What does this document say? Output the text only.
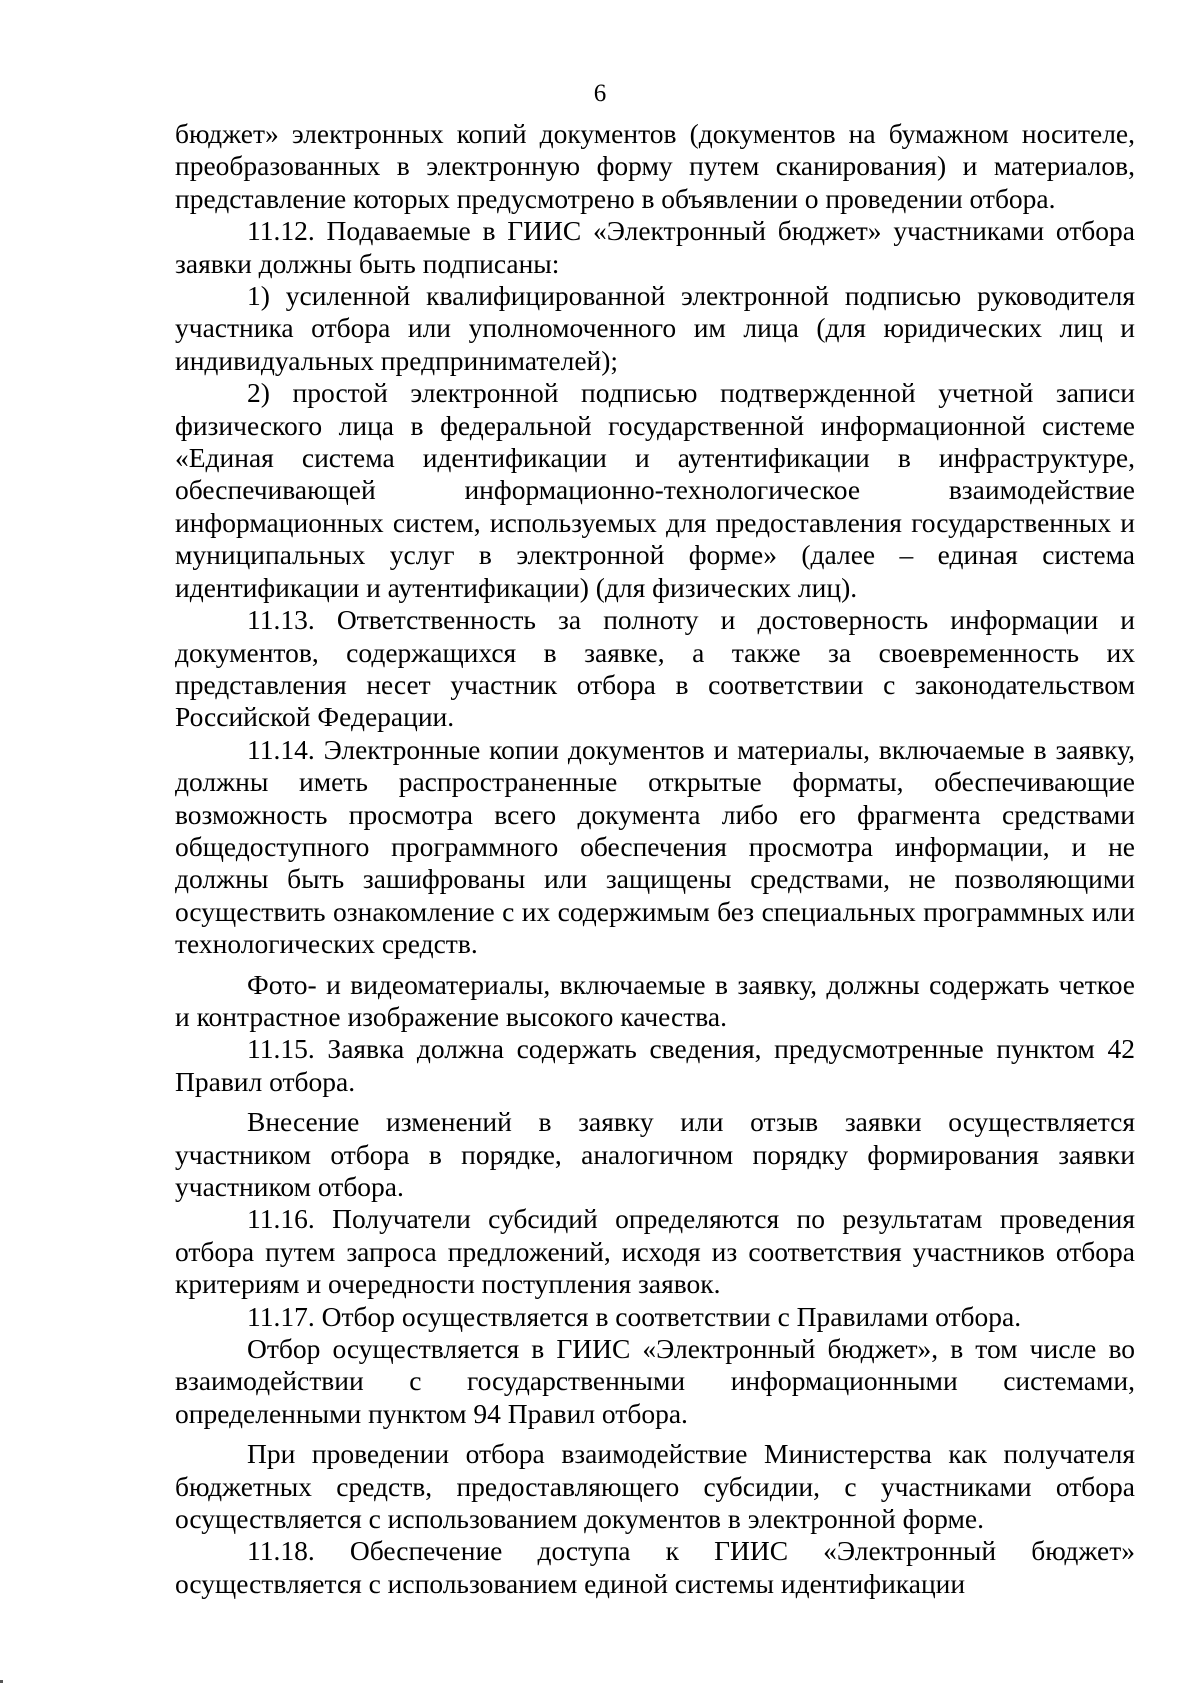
6

бюджет» электронных копий документов (документов на бумажном носителе, преобразованных в электронную форму путем сканирования) и материалов, представление которых предусмотрено в объявлении о проведении отбора.

11.12. Подаваемые в ГИИС «Электронный бюджет» участниками отбора заявки должны быть подписаны:

1) усиленной квалифицированной электронной подписью руководителя участника отбора или уполномоченного им лица (для юридических лиц и индивидуальных предпринимателей);

2) простой электронной подписью подтвержденной учетной записи физического лица в федеральной государственной информационной системе «Единая система идентификации и аутентификации в инфраструктуре, обеспечивающей информационно-технологическое взаимодействие информационных систем, используемых для предоставления государственных и муниципальных услуг в электронной форме» (далее – единая система идентификации и аутентификации) (для физических лиц).

11.13. Ответственность за полноту и достоверность информации и документов, содержащихся в заявке, а также за своевременность их представления несет участник отбора в соответствии с законодательством Российской Федерации.

11.14. Электронные копии документов и материалы, включаемые в заявку, должны иметь распространенные открытые форматы, обеспечивающие возможность просмотра всего документа либо его фрагмента средствами общедоступного программного обеспечения просмотра информации, и не должны быть зашифрованы или защищены средствами, не позволяющими осуществить ознакомление с их содержимым без специальных программных или технологических средств.

Фото- и видеоматериалы, включаемые в заявку, должны содержать четкое и контрастное изображение высокого качества.

11.15. Заявка должна содержать сведения, предусмотренные пунктом 42 Правил отбора.

Внесение изменений в заявку или отзыв заявки осуществляется участником отбора в порядке, аналогичном порядку формирования заявки участником отбора.

11.16. Получатели субсидий определяются по результатам проведения отбора путем запроса предложений, исходя из соответствия участников отбора критериям и очередности поступления заявок.

11.17. Отбор осуществляется в соответствии с Правилами отбора.

Отбор осуществляется в ГИИС «Электронный бюджет», в том числе во взаимодействии с государственными информационными системами, определенными пунктом 94 Правил отбора.

При проведении отбора взаимодействие Министерства как получателя бюджетных средств, предоставляющего субсидии, с участниками отбора осуществляется с использованием документов в электронной форме.

11.18. Обеспечение доступа к ГИИС «Электронный бюджет» осуществляется с использованием единой системы идентификации
